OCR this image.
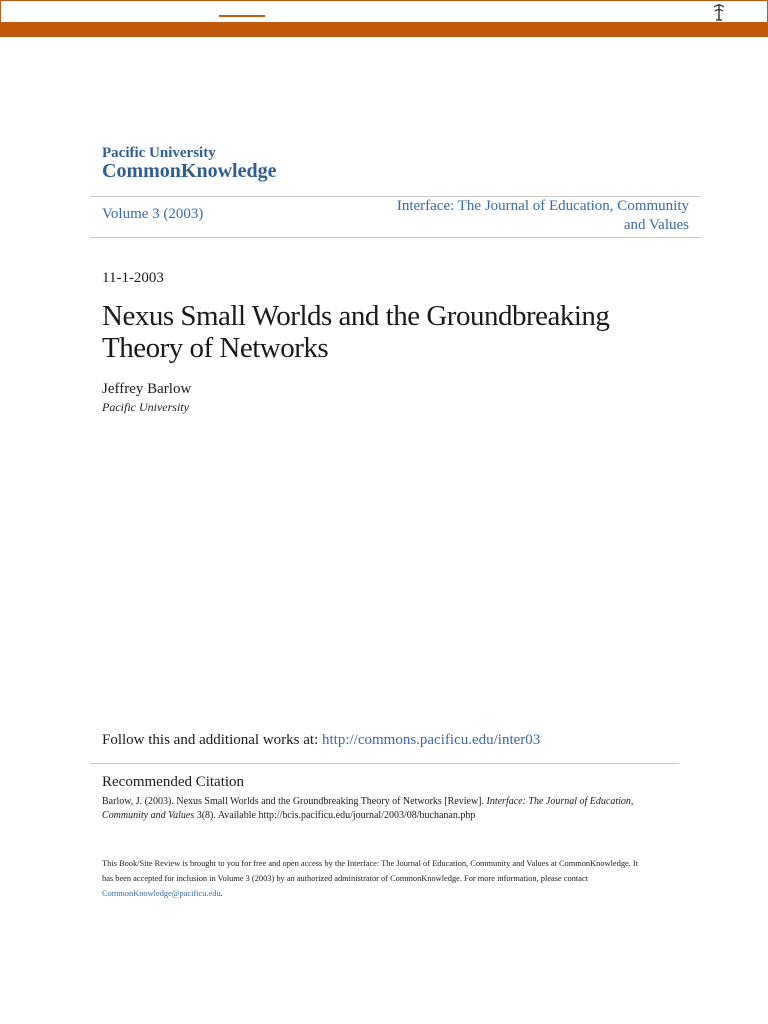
Pacific University
CommonKnowledge
Volume 3 (2003)	Interface: The Journal of Education, Community and Values
11-1-2003
Nexus Small Worlds and the Groundbreaking Theory of Networks
Jeffrey Barlow
Pacific University
Follow this and additional works at: http://commons.pacificu.edu/inter03
Recommended Citation
Barlow, J. (2003). Nexus Small Worlds and the Groundbreaking Theory of Networks [Review]. Interface: The Journal of Education, Community and Values 3(8). Available http://bcis.pacificu.edu/journal/2003/08/buchanan.php
This Book/Site Review is brought to you for free and open access by the Interface: The Journal of Education, Community and Values at CommonKnowledge. It has been accepted for inclusion in Volume 3 (2003) by an authorized administrator of CommonKnowledge. For more information, please contact CommonKnowledge@pacificu.edu.
